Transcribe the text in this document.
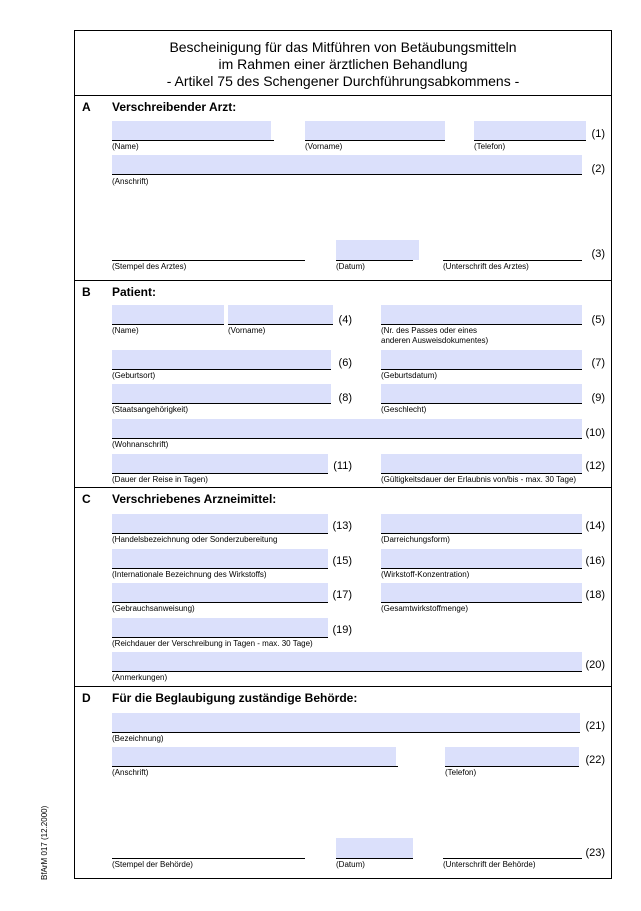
Bescheinigung für das Mitführen von Betäubungsmitteln
im Rahmen einer ärztlichen Behandlung
- Artikel 75 des Schengener Durchführungsabkommens -
A Verschreibender Arzt:
(Name)	(Vorname)	(Telefon)
(1)
(Anschrift)
(2)
(Stempel des Arztes)	(Datum)	(Unterschrift des Arztes)
(3)
B Patient:
(Name)	(Vorname)
(4)
(Nr. des Passes oder eines
anderen Ausweisdokumentes)
(5)
(Geburtsort)
(6)
(Geburtsdatum)
(7)
(Staatsangehörigkeit)
(8)
(Geschlecht)
(9)
(Wohnanschrift)
(10)
(Dauer der Reise in Tagen)
(11)
(Gültigkeitsdauer der Erlaubnis von/bis - max. 30 Tage)
(12)
C Verschriebenes Arzneimittel:
(Handelsbezeichnung oder Sonderzubereitung
(13)
(Darreichungsform)
(14)
(Internationale Bezeichnung des Wirkstoffs)
(15)
(Wirkstoff-Konzentration)
(16)
(Gebrauchsanweisung)
(17)
(Gesamtwirkstoffmenge)
(18)
(Reichdauer der Verschreibung in Tagen - max. 30 Tage)
(19)
(Anmerkungen)
(20)
D Für die Beglaubigung zuständige Behörde:
(Bezeichnung)
(21)
(Anschrift)	(Telefon)
(22)
(Stempel der Behörde)	(Datum)	(Unterschrift der Behörde)
(23)
BfArM 017 (12.2000)
